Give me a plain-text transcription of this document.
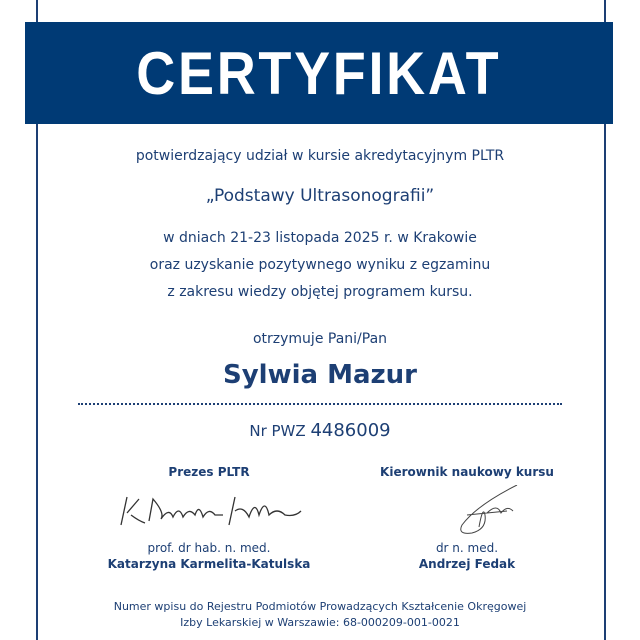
CERTYFIKAT
potwierdzający udział w kursie akredytacyjnym PLTR
„Podstawy Ultrasonografii”
w dniach 21-23 listopada 2025 r. w Krakowie
oraz uzyskanie pozytywnego wyniku z egzaminu
z zakresu wiedzy objętej programem kursu.
otrzymuje Pani/Pan
Sylwia Mazur
Nr PWZ 4486009
Prezes PLTR
prof. dr hab. n. med.
Katarzyna Karmelita-Katulska
Kierownik naukowy kursu
dr n. med.
Andrzej Fedak
Numer wpisu do Rejestru Podmiotów Prowadzących Kształcenie Okręgowej
Izby Lekarskiej w Warszawie: 68-000209-001-0021
